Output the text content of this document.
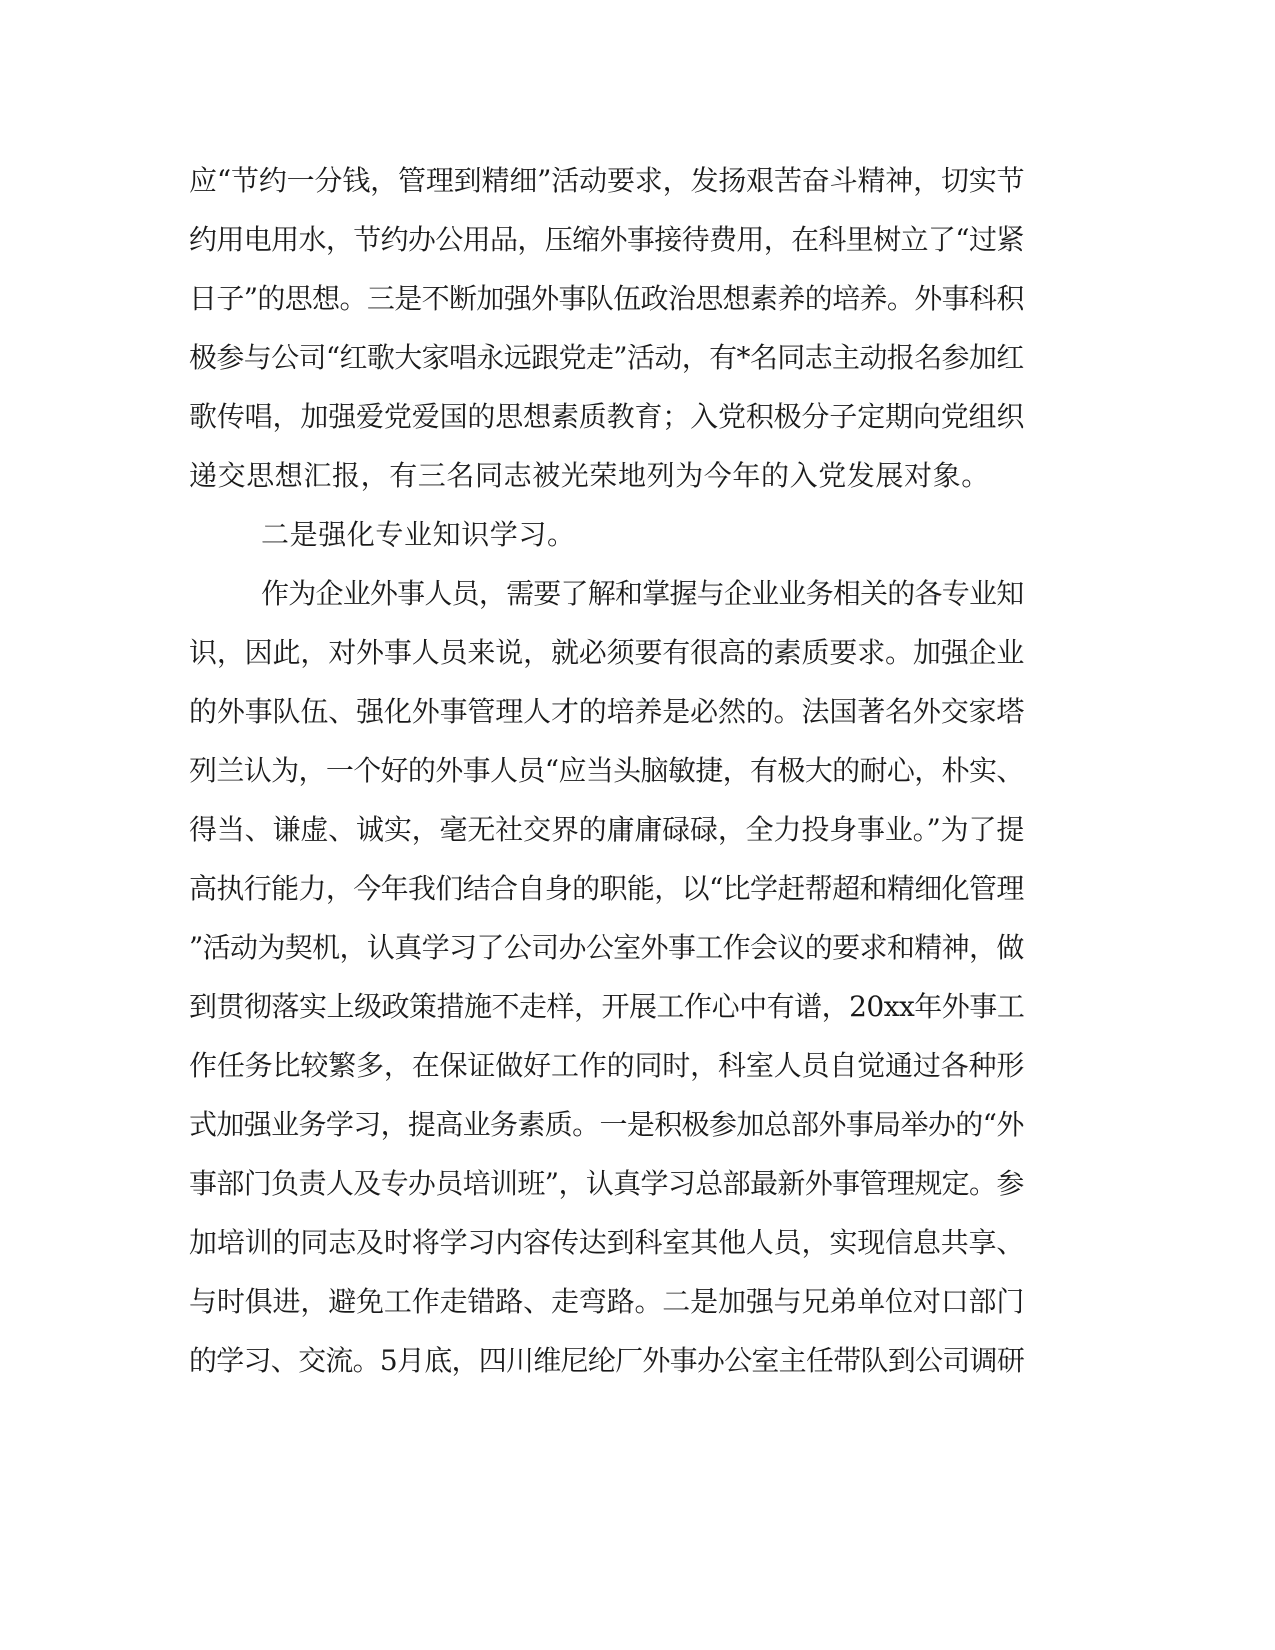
应“节约一分钱，管理到精细”活动要求，发扬艰苦奋斗精神，切实节
约用电用水，节约办公用品，压缩外事接待费用，在科里树立了“过紧
日子”的思想。三是不断加强外事队伍政治思想素养的培养。外事科积
极参与公司“红歌大家唱永远跟党走”活动，有*名同志主动报名参加红
歌传唱，加强爱党爱国的思想素质教育；入党积极分子定期向党组织
递交思想汇报，有三名同志被光荣地列为今年的入党发展对象。
二是强化专业知识学习。
作为企业外事人员，需要了解和掌握与企业业务相关的各专业知
识，因此，对外事人员来说，就必须要有很高的素质要求。加强企业
的外事队伍、强化外事管理人才的培养是必然的。法国著名外交家塔
列兰认为，一个好的外事人员“应当头脑敏捷，有极大的耐心，朴实、
得当、谦虚、诚实，毫无社交界的庸庸碌碌，全力投身事业。”为了提
高执行能力，今年我们结合自身的职能，以“比学赶帮超和精细化管理
”活动为契机，认真学习了公司办公室外事工作会议的要求和精神，做
到贯彻落实上级政策措施不走样，开展工作心中有谱，20xx年外事工
作任务比较繁多，在保证做好工作的同时，科室人员自觉通过各种形
式加强业务学习，提高业务素质。一是积极参加总部外事局举办的“外
事部门负责人及专办员培训班”，认真学习总部最新外事管理规定。参
加培训的同志及时将学习内容传达到科室其他人员，实现信息共享、
与时俱进，避免工作走错路、走弯路。二是加强与兄弟单位对口部门
的学习、交流。5月底，四川维尼纶厂外事办公室主任带队到公司调研
